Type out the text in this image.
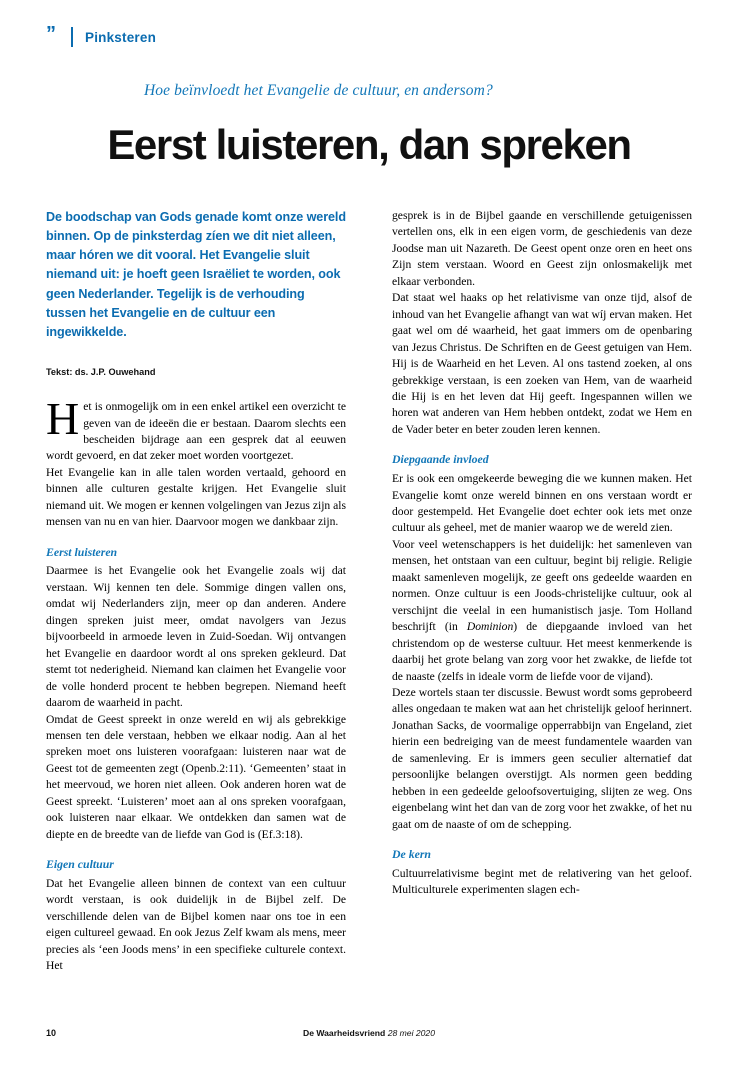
” Pinksteren
Hoe beïnvloedt het Evangelie de cultuur, en andersom?
Eerst luisteren, dan spreken

De boodschap van Gods genade komt onze wereld binnen. Op de pinksterdag zíen we dit niet alleen, maar hóren we dit vooral. Het Evangelie sluit niemand uit: je hoeft geen Israëliet te worden, ook geen Nederlander. Tegelijk is de verhouding tussen het Evangelie en de cultuur een ingewikkelde.

Tekst: ds. J.P. Ouwehand

Het is onmogelijk om in een enkel artikel een overzicht te geven van de ideeën die er bestaan. Daarom slechts een bescheiden bijdrage aan een gesprek dat al eeuwen wordt gevoerd, en dat zeker moet worden voortgezet.

Het Evangelie kan in alle talen worden vertaald, gehoord en binnen alle culturen gestalte krijgen. Het Evangelie sluit niemand uit. We mogen er kennen volgelingen van Jezus zijn als mensen van nu en van hier. Daarvoor mogen we dankbaar zijn.

Eerst luisteren

Daarmee is het Evangelie ook het Evangelie zoals wij dat verstaan. Wij kennen ten dele. Sommige dingen vallen ons, omdat wij Nederlanders zijn, meer op dan anderen. Andere dingen spreken juist meer, omdat navolgers van Jezus bijvoorbeeld in armoede leven in Zuid-Soedan. Wij ontvangen het Evangelie en daardoor wordt al ons spreken gekleurd. Dat stemt tot nederigheid. Niemand kan claimen het Evangelie voor de volle honderd procent te hebben begrepen. Niemand heeft daarom de waarheid in pacht.

Omdat de Geest spreekt in onze wereld en wij als gebrekkige mensen ten dele verstaan, hebben we elkaar nodig. Aan al het spreken moet ons luisteren voorafgaan: luisteren naar wat de Geest tot de gemeenten zegt (Openb.2:11). ‘Gemeenten’ staat in het meervoud, we horen niet alleen. Ook anderen horen wat de Geest spreekt. ‘Luisteren’ moet aan al ons spreken voorafgaan, ook luisteren naar elkaar. We ontdekken dan samen wat de diepte en de breedte van de liefde van God is (Ef.3:18).

Eigen cultuur

Dat het Evangelie alleen binnen de context van een cultuur wordt verstaan, is ook duidelijk in de Bijbel zelf. De verschillende delen van de Bijbel komen naar ons toe in een eigen cultureel gewaad. En ook Jezus Zelf kwam als mens, meer precies als ‘een Joods mens’ in een specifieke culturele context. Het

gesprek is in de Bijbel gaande en verschillende getuigenissen vertellen ons, elk in een eigen vorm, de geschiedenis van deze Joodse man uit Nazareth. De Geest opent onze oren en heet ons Zijn stem verstaan. Woord en Geest zijn onlosmakelijk met elkaar verbonden.

Dat staat wel haaks op het relativisme van onze tijd, alsof de inhoud van het Evangelie afhangt van wat wíj ervan maken. Het gaat wel om dé waarheid, het gaat immers om de openbaring van Jezus Christus. De Schriften en de Geest getuigen van Hem. Hij is de Waarheid en het Leven. Al ons tastend zoeken, al ons gebrekkige verstaan, is een zoeken van Hem, van de waarheid die Hij is en het leven dat Hij geeft. Ingespannen willen we horen wat anderen van Hem hebben ontdekt, zodat we Hem en de Vader beter en beter zouden leren kennen.

Diepgaande invloed

Er is ook een omgekeerde beweging die we kunnen maken. Het Evangelie komt onze wereld binnen en ons verstaan wordt er door gestempeld. Het Evangelie doet echter ook iets met onze cultuur als geheel, met de manier waarop we de wereld zien.

Voor veel wetenschappers is het duidelijk: het samenleven van mensen, het ontstaan van een cultuur, begint bij religie. Religie maakt samenleven mogelijk, ze geeft ons gedeelde waarden en normen. Onze cultuur is een Joods-christelijke cultuur, ook al verschijnt die veelal in een humanistisch jasje. Tom Holland beschrijft (in Dominion) de diepgaande invloed van het christendom op de westerse cultuur. Het meest kenmerkende is daarbij het grote belang van zorg voor het zwakke, de liefde tot de naaste (zelfs in ideale vorm de liefde voor de vijand).

Deze wortels staan ter discussie. Bewust wordt soms geprobeerd alles ongedaan te maken wat aan het christelijk geloof herinnert. Jonathan Sacks, de voormalige opperrabbijn van Engeland, ziet hierin een bedreiging van de meest fundamentele waarden van de samenleving. Er is immers geen seculier alternatief dat persoonlijke belangen overstijgt. Als normen geen bedding hebben in een gedeelde geloofsovertuiging, slijten ze weg. Ons eigenbelang wint het dan van de zorg voor het zwakke, of het nu gaat om de naaste of om de schepping.

De kern

Cultuurrelativisme begint met de relativering van het geloof. Multiculturele experimenten slagen ech-

10	De Waarheidsvriend 28 mei 2020
